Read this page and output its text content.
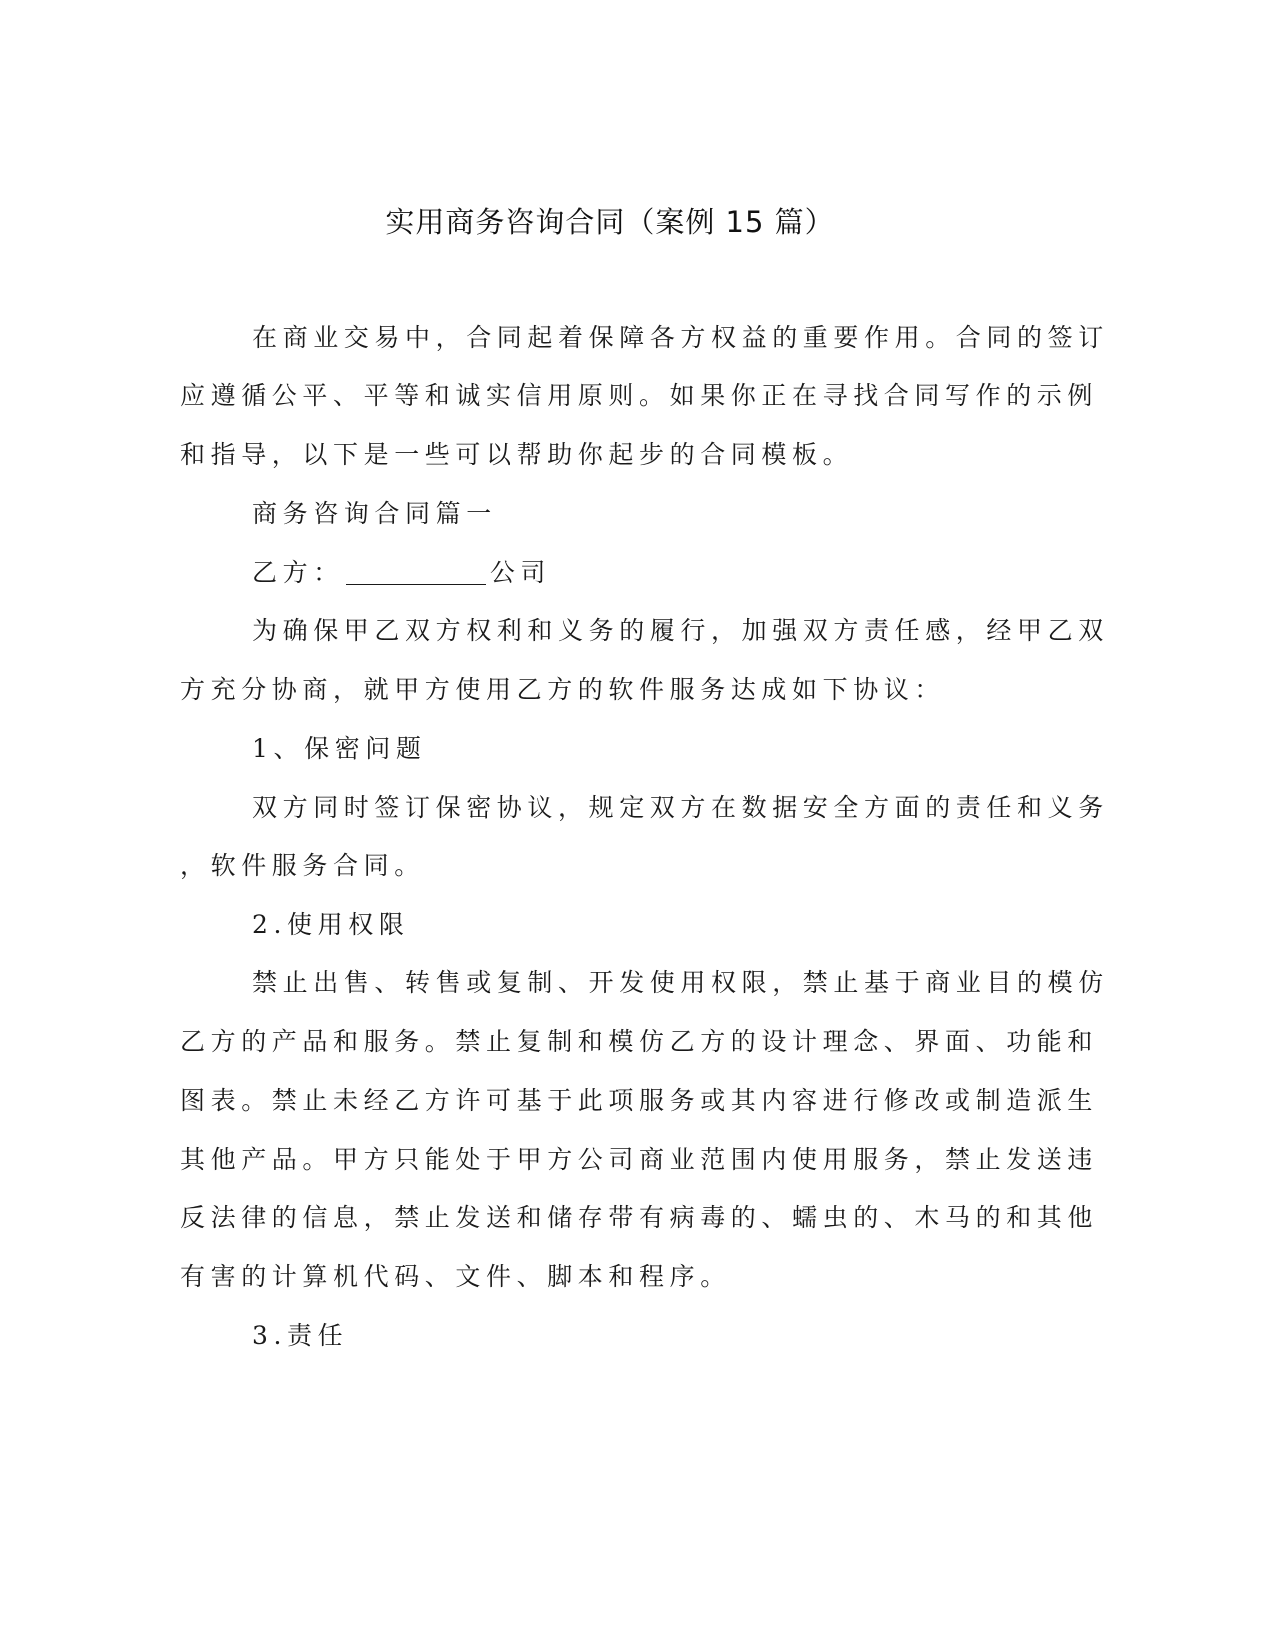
实用商务咨询合同（案例 15 篇）
在商业交易中，合同起着保障各方权益的重要作用。合同的签订
应遵循公平、平等和诚实信用原则。如果你正在寻找合同写作的示例
和指导，以下是一些可以帮助你起步的合同模板。
商务咨询合同篇一
乙方：	公司
为确保甲乙双方权利和义务的履行，加强双方责任感，经甲乙双
方充分协商，就甲方使用乙方的软件服务达成如下协议：
1、保密问题
双方同时签订保密协议，规定双方在数据安全方面的责任和义务
，软件服务合同。
2.使用权限
禁止出售、转售或复制、开发使用权限，禁止基于商业目的模仿
乙方的产品和服务。禁止复制和模仿乙方的设计理念、界面、功能和
图表。禁止未经乙方许可基于此项服务或其内容进行修改或制造派生
其他产品。甲方只能处于甲方公司商业范围内使用服务，禁止发送违
反法律的信息，禁止发送和储存带有病毒的、蠕虫的、木马的和其他
有害的计算机代码、文件、脚本和程序。
3.责任
